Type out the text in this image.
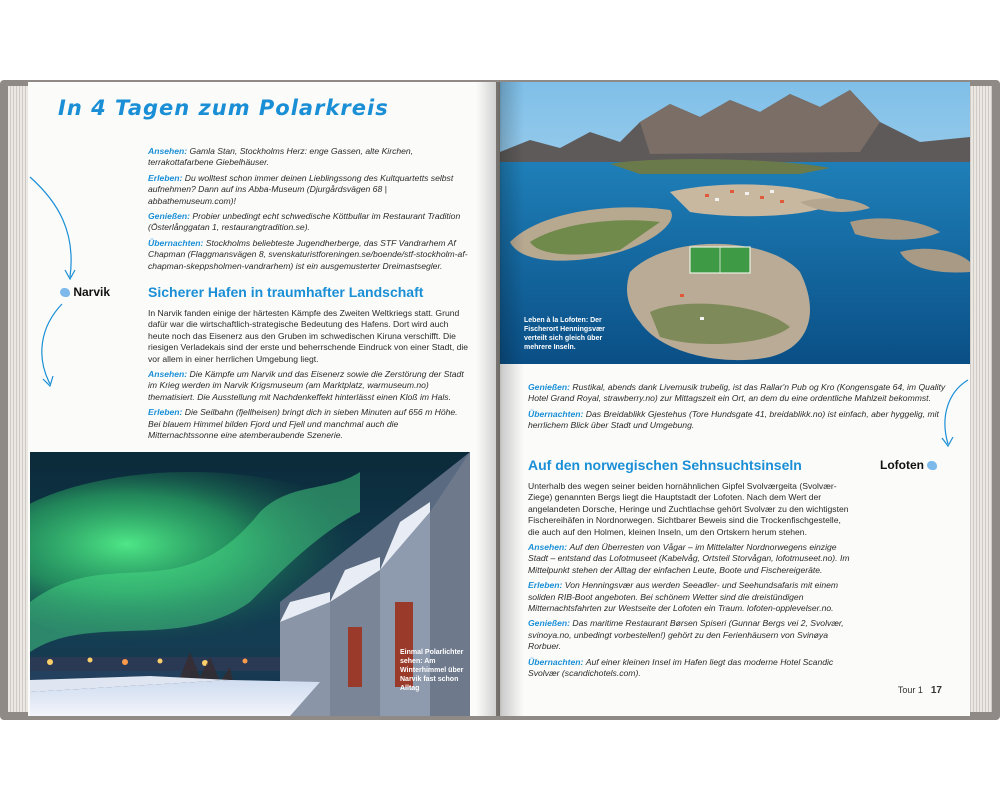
In 4 Tagen zum Polarkreis

Ansehen: Gamla Stan, Stockholms Herz: enge Gassen, alte Kirchen, terrakottafarbene Giebelhäuser.

Erleben: Du wolltest schon immer deinen Lieblingssong des Kultquartetts selbst aufnehmen? Dann auf ins Abba-Museum (Djurgårdsvägen 68 | abbathemuseum.com)!

Genießen: Probier unbedingt echt schwedische Köttbullar im Restaurant Tradition (Österlånggatan 1, restaurangtradition.se).

Übernachten: Stockholms beliebteste Jugendherberge, das STF Vandrarhem Af Chapman (Flaggmansvägen 8, svenskaturistforeningen.se/boende/stf-stockholm-af-chapman-skeppsholmen-vandrarhem) ist ein ausgemusterter Dreimastsegler.

Narvik	Sicherer Hafen in traumhafter Landschaft

In Narvik fanden einige der härtesten Kämpfe des Zweiten Weltkriegs statt. Grund dafür war die wirtschaftlich-strategische Bedeutung des Hafens. Dort wird auch heute noch das Eisenerz aus den Gruben im schwedischen Kiruna verschifft. Die riesigen Verladekais sind der erste und beherrschende Eindruck von einer Stadt, die vor allem in einer herrlichen Umgebung liegt.

Ansehen: Die Kämpfe um Narvik und das Eisenerz sowie die Zerstörung der Stadt im Krieg werden im Narvik Krigsmuseum (am Marktplatz, warmuseum.no) thematisiert. Die Ausstellung mit Nachdenkeffekt hinterlässt einen Kloß im Hals.

Erleben: Die Seilbahn (fjellheisen) bringt dich in sieben Minuten auf 656 m Höhe. Bei blauem Himmel bilden Fjord und Fjell und manchmal auch die Mitternachtssonne eine atemberaubende Szenerie.

Einmal Polarlichter sehen: Am Winterhimmel über Narvik fast schon Alltag
Leben à la Lofoten: Der Fischerort Henningsvær verteilt sich gleich über mehrere Inseln.

Genießen: Rustikal, abends dank Livemusik trubelig, ist das Rallar'n Pub og Kro (Kongensgate 64, im Quality Hotel Grand Royal, strawberry.no) zur Mittagszeit ein Ort, an dem du eine ordentliche Mahlzeit bekommst.

Übernachten: Das Breidablikk Gjestehus (Tore Hundsgate 41, breidablikk.no) ist einfach, aber hyggelig, mit herrlichem Blick über Stadt und Umgebung.

Lofoten
Auf den norwegischen Sehnsuchtsinseln

Unterhalb des wegen seiner beiden hornähnlichen Gipfel Svolværgeita (Svolvær-Ziege) genannten Bergs liegt die Hauptstadt der Lofoten. Nach dem Wert der angelandeten Dorsche, Heringe und Zuchtlachse gehört Svolvær zu den wichtigsten Fischereihäfen in Nordnorwegen. Sichtbarer Beweis sind die Trockenfischgestelle, die auch auf den Holmen, kleinen Inseln, um den Ortskern herum stehen.

Ansehen: Auf den Überresten von Vågar – im Mittelalter Nordnorwegens einzige Stadt – entstand das Lofotmuseet (Kabelvåg, Ortsteil Storvågan, lofotmuseet.no). Im Mittelpunkt stehen der Alltag der einfachen Leute, Boote und Fischereigeräte.

Erleben: Von Henningsvær aus werden Seeadler- und Seehundsafaris mit einem soliden RIB-Boot angeboten. Bei schönem Wetter sind die dreistündigen Mitternachtsfahrten zur Westseite der Lofoten ein Traum. lofoten-opplevelser.no.

Genießen: Das maritime Restaurant Børsen Spiseri (Gunnar Bergs vei 2, Svolvær, svinoya.no, unbedingt vorbestellen!) gehört zu den Ferienhäusern von Svinøya Rorbuer.

Übernachten: Auf einer kleinen Insel im Hafen liegt das moderne Hotel Scandic Svolvær (scandichotels.com).

Tour 1 17
